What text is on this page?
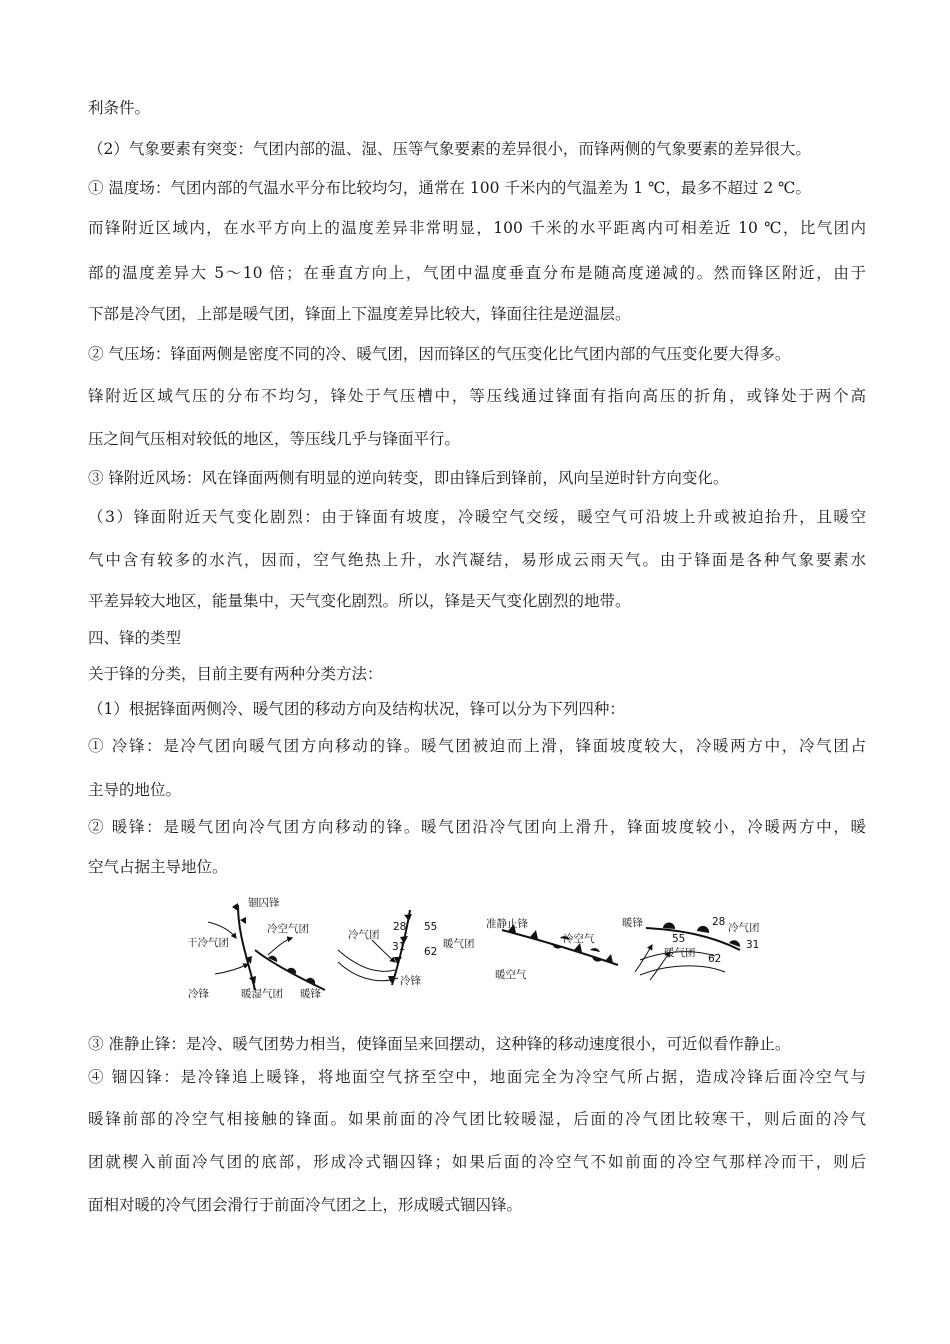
利条件。
（2）气象要素有突变：气团内部的温、湿、压等气象要素的差异很小，而锋两侧的气象要素的差异很大。
① 温度场：气团内部的气温水平分布比较均匀，通常在 100 千米内的气温差为 1 ℃，最多不超过 2 ℃。
而锋附近区域内，在水平方向上的温度差异非常明显，100 千米的水平距离内可相差近 10 ℃，比气团内
部的温度差异大 5～10 倍；在垂直方向上，气团中温度垂直分布是随高度递减的。然而锋区附近，由于
下部是冷气团，上部是暖气团，锋面上下温度差异比较大，锋面往往是逆温层。
② 气压场：锋面两侧是密度不同的冷、暖气团，因而锋区的气压变化比气团内部的气压变化要大得多。
锋附近区域气压的分布不均匀，锋处于气压槽中，等压线通过锋面有指向高压的折角，或锋处于两个高
压之间气压相对较低的地区，等压线几乎与锋面平行。
③ 锋附近风场：风在锋面两侧有明显的逆向转变，即由锋后到锋前，风向呈逆时针方向变化。
（3）锋面附近天气变化剧烈：由于锋面有坡度，冷暖空气交绥，暖空气可沿坡上升或被迫抬升，且暖空
气中含有较多的水汽，因而，空气绝热上升，水汽凝结，易形成云雨天气。由于锋面是各种气象要素水
平差异较大地区，能量集中，天气变化剧烈。所以，锋是天气变化剧烈的地带。
四、锋的类型
关于锋的分类，目前主要有两种分类方法：
（1）根据锋面两侧冷、暖气团的移动方向及结构状况，锋可以分为下列四种：
① 冷锋：是冷气团向暖气团方向移动的锋。暖气团被迫而上滑，锋面坡度较大，冷暖两方中，冷气团占
主导的地位。
② 暖锋：是暖气团向冷气团方向移动的锋。暖气团沿冷气团向上滑升，锋面坡度较小，冷暖两方中，暖
空气占据主导地位。
锢囚锋
冷空气团
干冷气团
冷锋	暖湿气团 暖锋
冷气团
28
31
55
62
暖气团
冷锋
准静止锋
冷空气
暖空气
暖锋	28 冷气团
55	31
暖气团 62
③ 准静止锋：是冷、暖气团势力相当，使锋面呈来回摆动，这种锋的移动速度很小，可近似看作静止。
④ 锢囚锋：是冷锋追上暖锋，将地面空气挤至空中，地面完全为冷空气所占据，造成冷锋后面冷空气与
暖锋前部的冷空气相接触的锋面。如果前面的冷气团比较暖湿，后面的冷气团比较寒干，则后面的冷气
团就楔入前面冷气团的底部，形成冷式锢囚锋；如果后面的冷空气不如前面的冷空气那样冷而干，则后
面相对暖的冷气团会滑行于前面冷气团之上，形成暖式锢囚锋。
